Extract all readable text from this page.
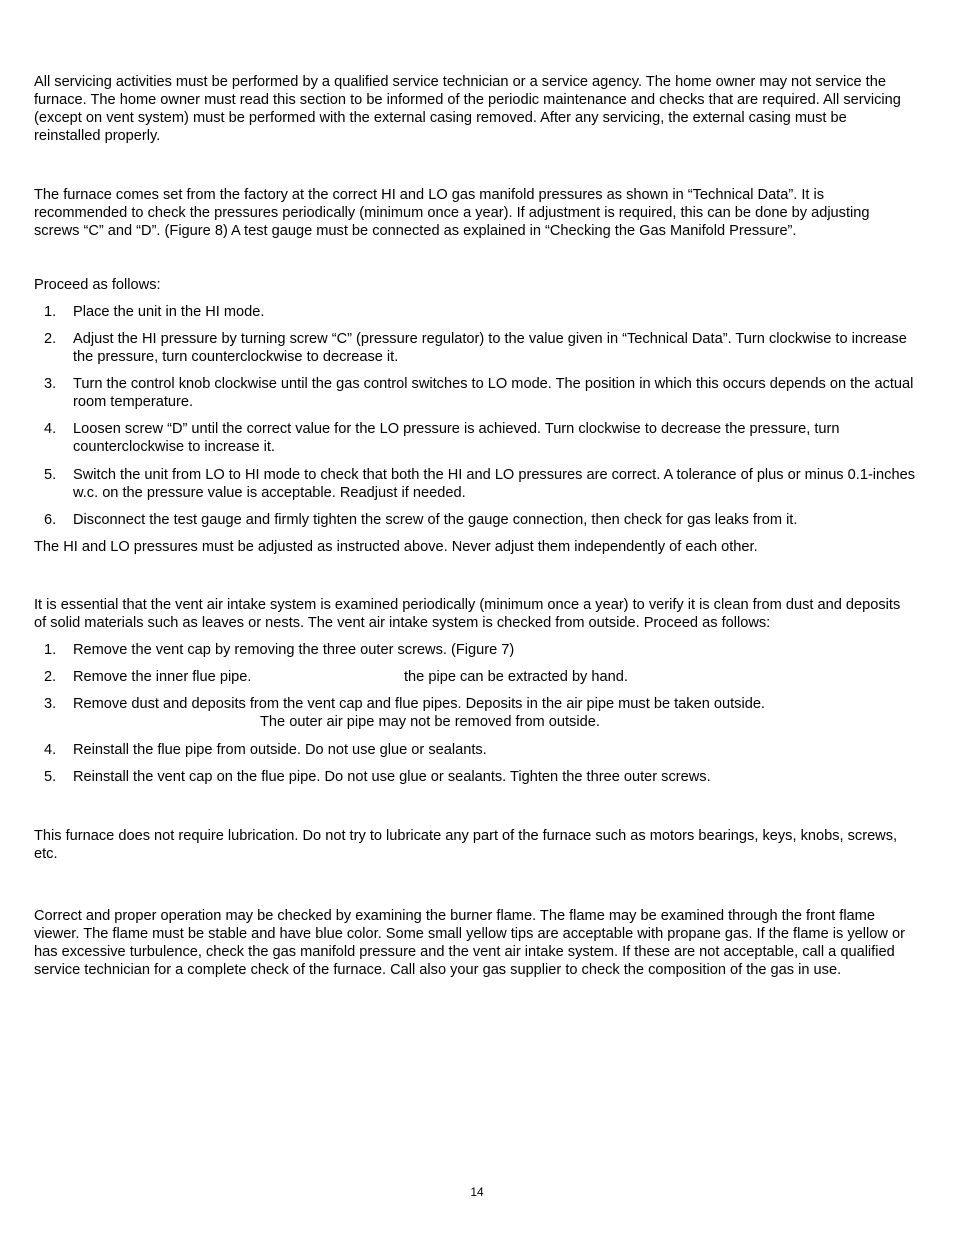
All servicing activities must be performed by a qualified service technician or a service agency. The home owner may not service the furnace. The home owner must read this section to be informed of the periodic maintenance and checks that are required. All servicing (except on vent system) must be performed with the external casing removed. After any servicing, the external casing must be reinstalled properly.

The furnace comes set from the factory at the correct HI and LO gas manifold pressures as shown in “Technical Data”. It is recommended to check the pressures periodically (minimum once a year). If adjustment is required, this can be done by adjusting screws “C” and “D”. (Figure 8) A test gauge must be connected as explained in “Checking the Gas Manifold Pressure”.

Proceed as follows:

1. Place the unit in the HI mode.
2. Adjust the HI pressure by turning screw “C” (pressure regulator) to the value given in “Technical Data”. Turn clockwise to increase the pressure, turn counterclockwise to decrease it.
3. Turn the control knob clockwise until the gas control switches to LO mode. The position in which this occurs depends on the actual room temperature.
4. Loosen screw “D” until the correct value for the LO pressure is achieved. Turn clockwise to decrease the pressure, turn counterclockwise to increase it.
5. Switch the unit from LO to HI mode to check that both the HI and LO pressures are correct. A tolerance of plus or minus 0.1-inches w.c. on the pressure value is acceptable. Readjust if needed.
6. Disconnect the test gauge and firmly tighten the screw of the gauge connection, then check for gas leaks from it.

The HI and LO pressures must be adjusted as instructed above. Never adjust them independently of each other.

It is essential that the vent air intake system is examined periodically (minimum once a year) to verify it is clean from dust and deposits of solid materials such as leaves or nests. The vent air intake system is checked from outside. Proceed as follows:

1. Remove the vent cap by removing the three outer screws. (Figure 7)
2. Remove the inner flue pipe.	the pipe can be extracted by hand.
3. Remove dust and deposits from the vent cap and flue pipes. Deposits in the air pipe must be taken outside.
The outer air pipe may not be removed from outside.
4. Reinstall the flue pipe from outside. Do not use glue or sealants.
5. Reinstall the vent cap on the flue pipe. Do not use glue or sealants. Tighten the three outer screws.

This furnace does not require lubrication. Do not try to lubricate any part of the furnace such as motors bearings, keys, knobs, screws, etc.

Correct and proper operation may be checked by examining the burner flame. The flame may be examined through the front flame viewer. The flame must be stable and have blue color. Some small yellow tips are acceptable with propane gas. If the flame is yellow or has excessive turbulence, check the gas manifold pressure and the vent air intake system. If these are not acceptable, call a qualified service technician for a complete check of the furnace. Call also your gas supplier to check the composition of the gas in use.

14
